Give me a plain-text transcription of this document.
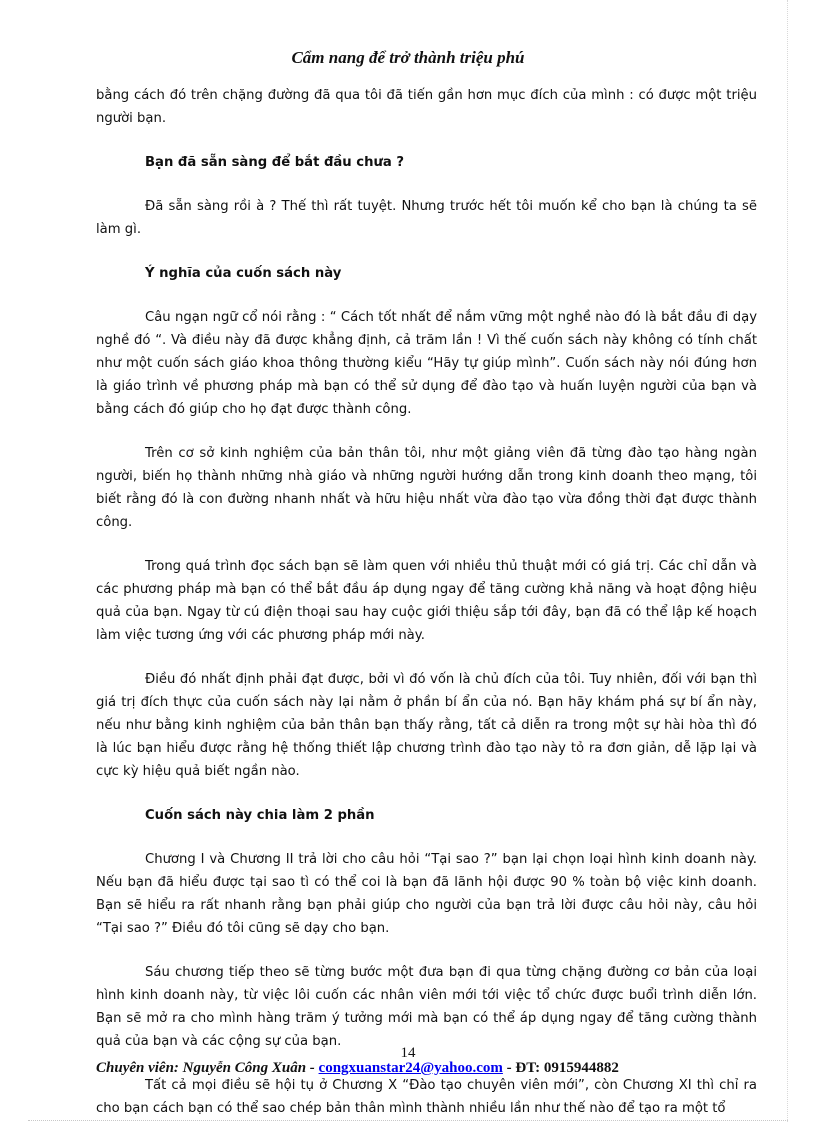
Cẩm nang để trở thành triệu phú

bằng cách đó trên chặng đường đã qua tôi đã tiến gần hơn mục đích của mình : có được một triệu người bạn.

Bạn đã sẵn sàng để bắt đầu chưa ?

Đã sẵn sàng rồi à ? Thế thì rất tuyệt. Nhưng trước hết tôi muốn kể cho bạn là chúng ta sẽ làm gì.

Ý nghĩa của cuốn sách này

Câu ngạn ngữ cổ nói rằng : “ Cách tốt nhất để nắm vững một nghề nào đó là bắt đầu đi dạy nghề đó “. Và điều này đã được khẳng định, cả trăm lần ! Vì thế cuốn sách này không có tính chất như một cuốn sách giáo khoa thông thường kiểu “Hãy tự giúp mình”. Cuốn sách này nói đúng hơn là giáo trình về phương pháp mà bạn có thể sử dụng để đào tạo và huấn luyện người của bạn và bằng cách đó giúp cho họ đạt được thành công.

Trên cơ sở kinh nghiệm của bản thân tôi, như một giảng viên đã từng đào tạo hàng ngàn người, biến họ thành những nhà giáo và những người hướng dẫn trong kinh doanh theo mạng, tôi biết rằng đó là con đường nhanh nhất và hữu hiệu nhất vừa đào tạo vừa đồng thời đạt được thành công.

Trong quá trình đọc sách bạn sẽ làm quen với nhiều thủ thuật mới có giá trị. Các chỉ dẫn và các phương pháp mà bạn có thể bắt đầu áp dụng ngay để tăng cường khả năng và hoạt động hiệu quả của bạn. Ngay từ cú điện thoại sau hay cuộc giới thiệu sắp tới đây, bạn đã có thể lập kế hoạch làm việc tương ứng với các phương pháp mới này.

Điều đó nhất định phải đạt được, bởi vì đó vốn là chủ đích của tôi. Tuy nhiên, đối với bạn thì giá trị đích thực của cuốn sách này lại nằm ở phần bí ẩn của nó. Bạn hãy khám phá sự bí ẩn này, nếu như bằng kinh nghiệm của bản thân bạn thấy rằng, tất cả diễn ra trong một sự hài hòa thì đó là lúc bạn hiểu được rằng hệ thống thiết lập chương trình đào tạo này tỏ ra đơn giản, dễ lặp lại và cực kỳ hiệu quả biết ngần nào.

Cuốn sách này chia làm 2 phần

Chương I và Chương II trả lời cho câu hỏi “Tại sao ?” bạn lại chọn loại hình kinh doanh này. Nếu bạn đã hiểu được tại sao tì có thể coi là bạn đã lãnh hội được 90 % toàn bộ việc kinh doanh. Bạn sẽ hiểu ra rất nhanh rằng bạn phải giúp cho người của bạn trả lời được câu hỏi này, câu hỏi “Tại sao ?” Điều đó tôi cũng sẽ dạy cho bạn.

Sáu chương tiếp theo sẽ từng bước một đưa bạn đi qua từng chặng đường cơ bản của loại hình kinh doanh này, từ việc lôi cuốn các nhân viên mới tới việc tổ chức được buổi trình diễn lớn. Bạn sẽ mở ra cho mình hàng trăm ý tưởng mới mà bạn có thể áp dụng ngay để tăng cường thành quả của bạn và các cộng sự của bạn.

Tất cả mọi điều sẽ hội tụ ở Chương X “Đào tạo chuyên viên mới”, còn Chương XI thì chỉ ra cho bạn cách bạn có thể sao chép bản thân mình thành nhiều lần như thế nào để tạo ra một tổ

14
Chuyên viên: Nguyễn Công Xuân - congxuanstar24@yahoo.com - ĐT: 0915944882
